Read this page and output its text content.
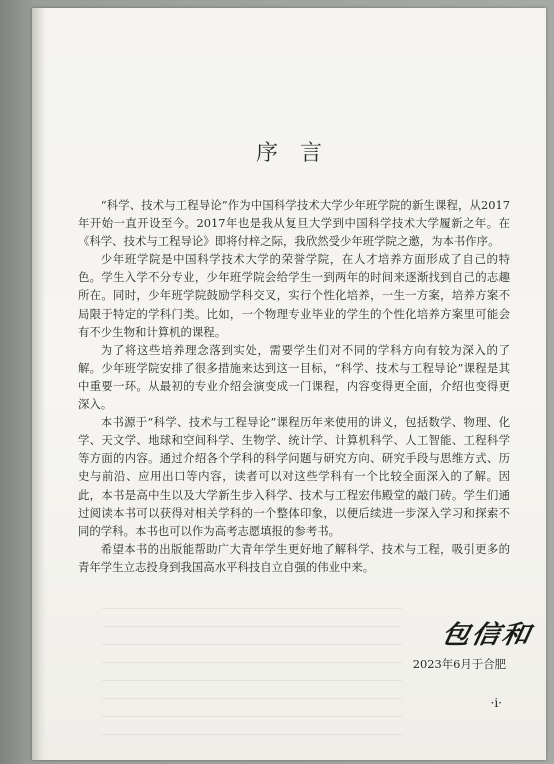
序言

“科学、技术与工程导论”作为中国科学技术大学少年班学院的新生课程，从2017年开始一直开设至今。2017年也是我从复旦大学到中国科学技术大学履新之年。在《科学、技术与工程导论》即将付梓之际，我欣然受少年班学院之邀，为本书作序。

少年班学院是中国科学技术大学的荣誉学院，在人才培养方面形成了自己的特色。学生入学不分专业，少年班学院会给学生一到两年的时间来逐渐找到自己的志趣所在。同时，少年班学院鼓励学科交叉，实行个性化培养，一生一方案，培养方案不局限于特定的学科门类。比如，一个物理专业毕业的学生的个性化培养方案里可能会有不少生物和计算机的课程。

为了将这些培养理念落到实处，需要学生们对不同的学科方向有较为深入的了解。少年班学院安排了很多措施来达到这一目标，“科学、技术与工程导论”课程是其中重要一环。从最初的专业介绍会演变成一门课程，内容变得更全面，介绍也变得更深入。

本书源于“科学、技术与工程导论”课程历年来使用的讲义，包括数学、物理、化学、天文学、地球和空间科学、生物学、统计学、计算机科学、人工智能、工程科学等方面的内容。通过介绍各个学科的科学问题与研究方向、研究手段与思维方式、历史与前沿、应用出口等内容，读者可以对这些学科有一个比较全面深入的了解。因此，本书是高中生以及大学新生步入科学、技术与工程宏伟殿堂的敲门砖。学生们通过阅读本书可以获得对相关学科的一个整体印象，以便后续进一步深入学习和探索不同的学科。本书也可以作为高考志愿填报的参考书。

希望本书的出版能帮助广大青年学生更好地了解科学、技术与工程，吸引更多的青年学生立志投身到我国高水平科技自立自强的伟业中来。

包信和
2023年6月于合肥
·i·
